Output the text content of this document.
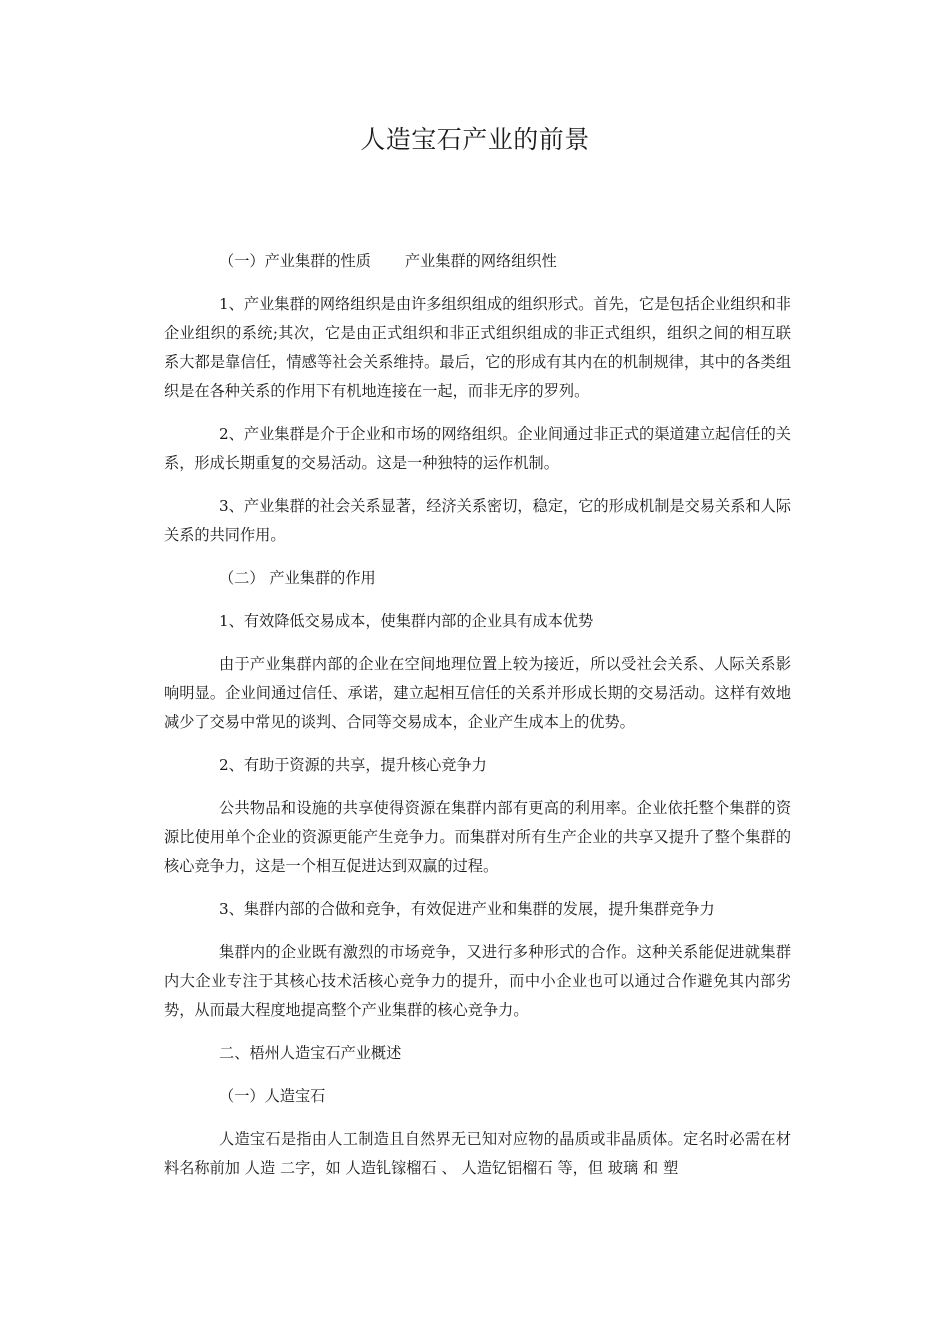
人造宝石产业的前景
（一）产业集群的性质 产业集群的网络组织性

1、产业集群的网络组织是由许多组织组成的组织形式。首先，它是包括企业组织和非企业组织的系统;其次，它是由正式组织和非正式组织组成的非正式组织，组织之间的相互联系大都是靠信任，情感等社会关系维持。最后，它的形成有其内在的机制规律，其中的各类组织是在各种关系的作用下有机地连接在一起，而非无序的罗列。

2、产业集群是介于企业和市场的网络组织。企业间通过非正式的渠道建立起信任的关系，形成长期重复的交易活动。这是一种独特的运作机制。

3、产业集群的社会关系显著，经济关系密切，稳定，它的形成机制是交易关系和人际关系的共同作用。

（二） 产业集群的作用
1、有效降低交易成本，使集群内部的企业具有成本优势

由于产业集群内部的企业在空间地理位置上较为接近，所以受社会关系、人际关系影响明显。企业间通过信任、承诺，建立起相互信任的关系并形成长期的交易活动。这样有效地减少了交易中常见的谈判、合同等交易成本，企业产生成本上的优势。

2、有助于资源的共享，提升核心竞争力

公共物品和设施的共享使得资源在集群内部有更高的利用率。企业依托整个集群的资源比使用单个企业的资源更能产生竞争力。而集群对所有生产企业的共享又提升了整个集群的核心竞争力，这是一个相互促进达到双赢的过程。

3、集群内部的合做和竞争，有效促进产业和集群的发展，提升集群竞争力

集群内的企业既有激烈的市场竞争，又进行多种形式的合作。这种关系能促进就集群内大企业专注于其核心技术活核心竞争力的提升，而中小企业也可以通过合作避免其内部劣势，从而最大程度地提高整个产业集群的核心竞争力。

二、梧州人造宝石产业概述
（一）人造宝石

人造宝石是指由人工制造且自然界无已知对应物的晶质或非晶质体。定名时必需在材料名称前加 人造 二字，如 人造钆镓榴石 、 人造钇铝榴石 等，但 玻璃 和 塑
